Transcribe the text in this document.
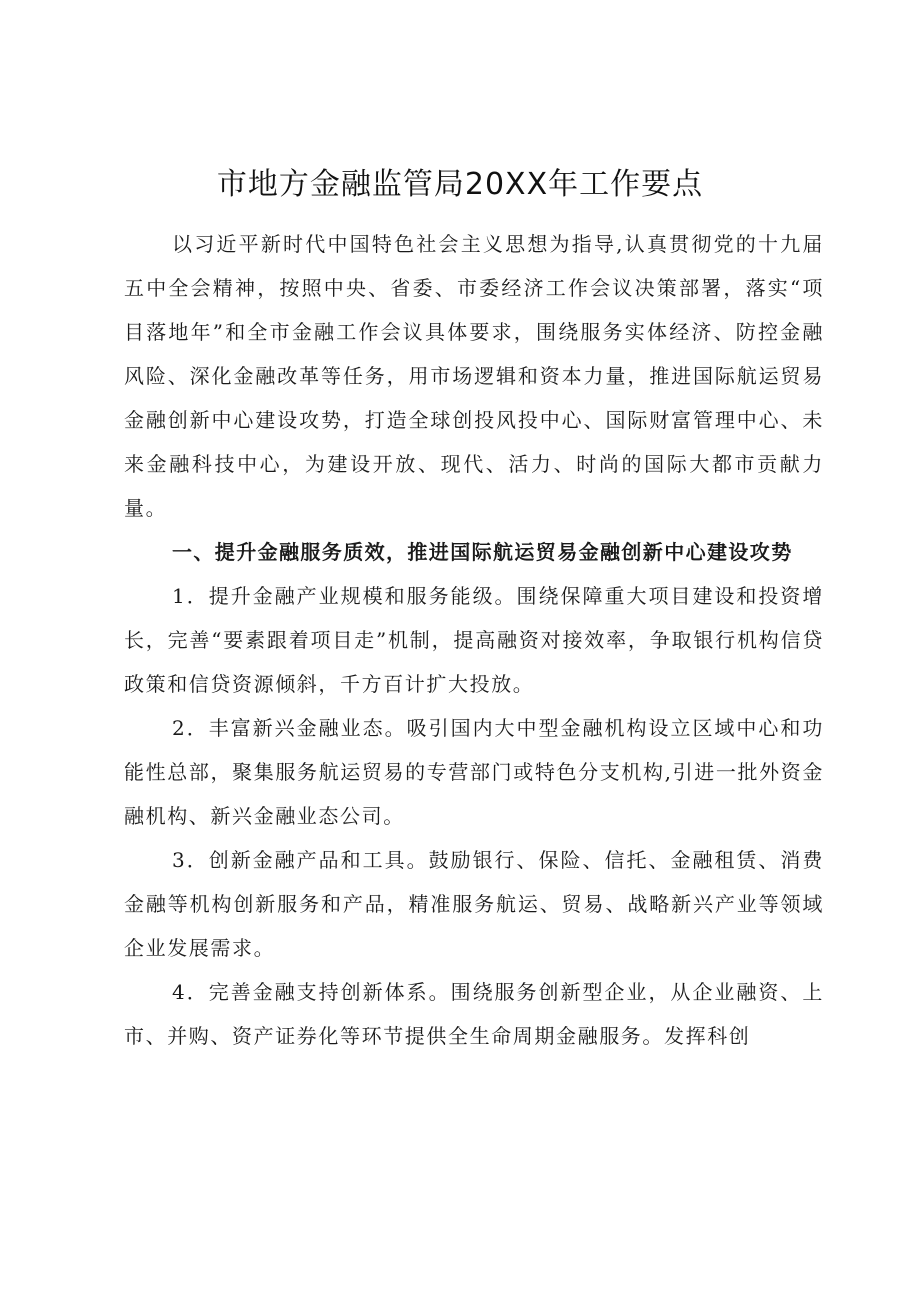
市地方金融监管局20XX年工作要点

以习近平新时代中国特色社会主义思想为指导,认真贯彻党的十九届五中全会精神，按照中央、省委、市委经济工作会议决策部署，落实“项目落地年”和全市金融工作会议具体要求，围绕服务实体经济、防控金融风险、深化金融改革等任务，用市场逻辑和资本力量，推进国际航运贸易金融创新中心建设攻势，打造全球创投风投中心、国际财富管理中心、未来金融科技中心，为建设开放、现代、活力、时尚的国际大都市贡献力量。

一、提升金融服务质效，推进国际航运贸易金融创新中心建设攻势

1．提升金融产业规模和服务能级。围绕保障重大项目建设和投资增长，完善“要素跟着项目走”机制，提高融资对接效率，争取银行机构信贷政策和信贷资源倾斜，千方百计扩大投放。

2．丰富新兴金融业态。吸引国内大中型金融机构设立区域中心和功能性总部，聚集服务航运贸易的专营部门或特色分支机构,引进一批外资金融机构、新兴金融业态公司。

3．创新金融产品和工具。鼓励银行、保险、信托、金融租赁、消费金融等机构创新服务和产品，精准服务航运、贸易、战略新兴产业等领域企业发展需求。

4．完善金融支持创新体系。围绕服务创新型企业，从企业融资、上市、并购、资产证券化等环节提供全生命周期金融服务。发挥科创
